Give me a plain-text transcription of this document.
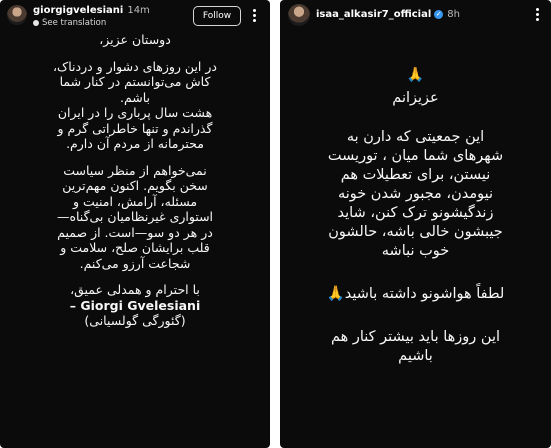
giorgigvelesiani 14m
See translation
Follow

دوستان عزیز،

در این روزهای دشوار و دردناک،

کاش می‌توانستم در کنار شما

باشم.

هشت سال پرباری را در ایران

گذراندم و تنها خاطراتی گرم و

محترمانه از مردم آن دارم.

نمی‌خواهم از منظر سیاست

سخن بگویم. اکنون مهم‌ترین

مسئله، آرامش، امنیت و

استواری غیرنظامیان بی‌گناه—

در هر دو سو—است. از صمیم

قلب برایشان صلح، سلامت و

شجاعت آرزو می‌کنم.

با احترام و همدلی عمیق،

– Giorgi Gvelesiani

(گئورگی گولسیانی)

isaa_alkasir7_official ✓ 8h
🙏

عزیزانم

این جمعیتی که دارن به

شهرهای شما میان ، توریست

نیستن، برای تعطیلات هم

نیومدن، مجبور شدن خونه

زندگیشونو ترک کنن، شاید

جیبشون خالی باشه، حالشون

خوب نباشه

لطفاً هواشونو داشته باشید🙏

این روزها باید بیشتر کنار هم

باشیم
